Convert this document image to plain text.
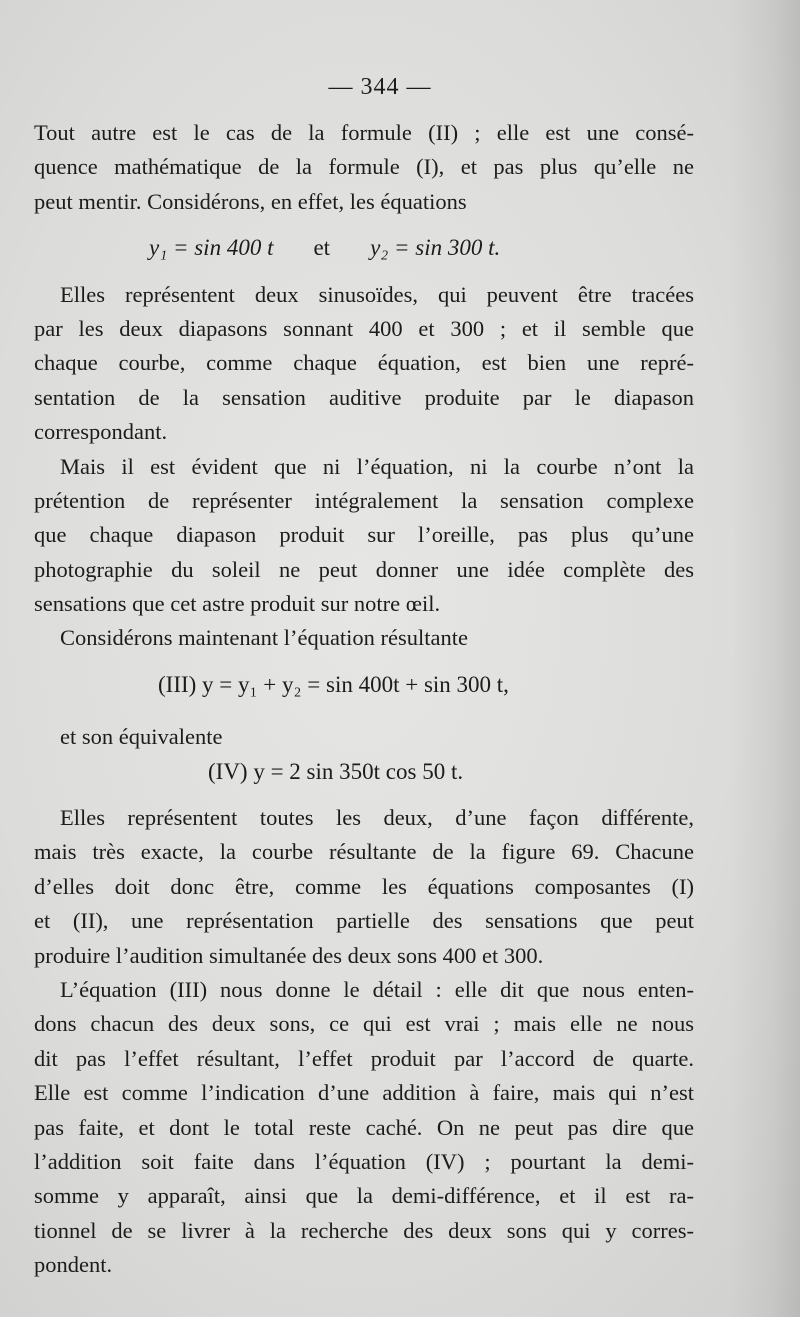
— 344 —
Tout autre est le cas de la formule (II) ; elle est une consé-
quence mathématique de la formule (I), et pas plus qu’elle ne
peut mentir. Considérons, en effet, les équations
y₁ = sin 400 t et y₂ = sin 300 t.
Elles représentent deux sinusoïdes, qui peuvent être tracées
par les deux diapasons sonnant 400 et 300 ; et il semble que
chaque courbe, comme chaque équation, est bien une repré-
sentation de la sensation auditive produite par le diapason
correspondant.
Mais il est évident que ni l’équation, ni la courbe n’ont la
prétention de représenter intégralement la sensation complexe
que chaque diapason produit sur l’oreille, pas plus qu’une
photographie du soleil ne peut donner une idée complète des
sensations que cet astre produit sur notre œil.
Considérons maintenant l’équation résultante
(III) y = y₁ + y₂ = sin 400t + sin 300 t,
et son équivalente
(IV) y = 2 sin 350t cos 50 t.
Elles représentent toutes les deux, d’une façon différente,
mais très exacte, la courbe résultante de la figure 69. Chacune
d’elles doit donc être, comme les équations composantes (I)
et (II), une représentation partielle des sensations que peut
produire l’audition simultanée des deux sons 400 et 300.
L’équation (III) nous donne le détail : elle dit que nous enten-
dons chacun des deux sons, ce qui est vrai ; mais elle ne nous
dit pas l’effet résultant, l’effet produit par l’accord de quarte.
Elle est comme l’indication d’une addition à faire, mais qui n’est
pas faite, et dont le total reste caché. On ne peut pas dire que
l’addition soit faite dans l’équation (IV) ; pourtant la demi-
somme y apparaît, ainsi que la demi-différence, et il est ra-
tionnel de se livrer à la recherche des deux sons qui y corres-
pondent.
